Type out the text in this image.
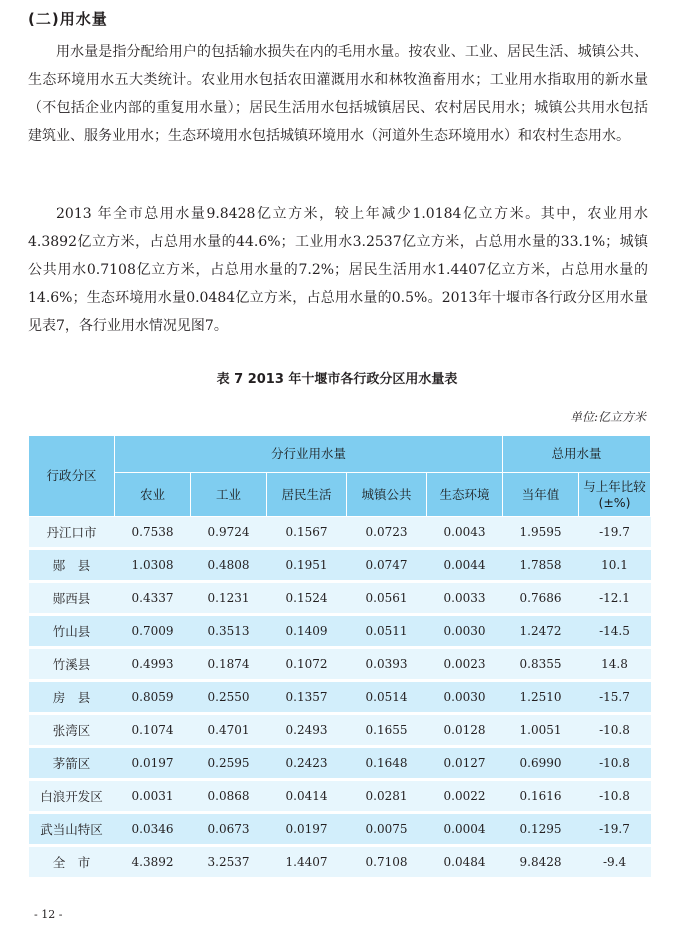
(二)用水量

用水量是指分配给用户的包括输水损失在内的毛用水量。按农业、工业、居民生活、城镇公共、生态环境用水五大类统计。农业用水包括农田灌溉用水和林牧渔畜用水；工业用水指取用的新水量（不包括企业内部的重复用水量）；居民生活用水包括城镇居民、农村居民用水；城镇公共用水包括建筑业、服务业用水；生态环境用水包括城镇环境用水（河道外生态环境用水）和农村生态用水。

2013 年全市总用水量9.8428亿立方米，较上年减少1.0184亿立方米。其中，农业用水4.3892亿立方米，占总用水量的44.6%；工业用水3.2537亿立方米，占总用水量的33.1%；城镇公共用水0.7108亿立方米，占总用水量的7.2%；居民生活用水1.4407亿立方米，占总用水量的14.6%；生态环境用水量0.0484亿立方米，占总用水量的0.5%。2013年十堰市各行政分区用水量见表7，各行业用水情况见图7。

表 7 2013 年十堰市各行政分区用水量表
单位:亿立方米
行政分区	分行业用水量					总用水量	
	农业	工业	居民生活	城镇公共	生态环境	当年值	与上年比较(±%)
丹江口市	0.7538	0.9724	0.1567	0.0723	0.0043	1.9595	-19.7
郧　县	1.0308	0.4808	0.1951	0.0747	0.0044	1.7858	10.1
郧西县	0.4337	0.1231	0.1524	0.0561	0.0033	0.7686	-12.1
竹山县	0.7009	0.3513	0.1409	0.0511	0.0030	1.2472	-14.5
竹溪县	0.4993	0.1874	0.1072	0.0393	0.0023	0.8355	14.8
房　县	0.8059	0.2550	0.1357	0.0514	0.0030	1.2510	-15.7
张湾区	0.1074	0.4701	0.2493	0.1655	0.0128	1.0051	-10.8
茅箭区	0.0197	0.2595	0.2423	0.1648	0.0127	0.6990	-10.8
白浪开发区	0.0031	0.0868	0.0414	0.0281	0.0022	0.1616	-10.8
武当山特区	0.0346	0.0673	0.0197	0.0075	0.0004	0.1295	-19.7
全　市	4.3892	3.2537	1.4407	0.7108	0.0484	9.8428	-9.4
- 12 -
